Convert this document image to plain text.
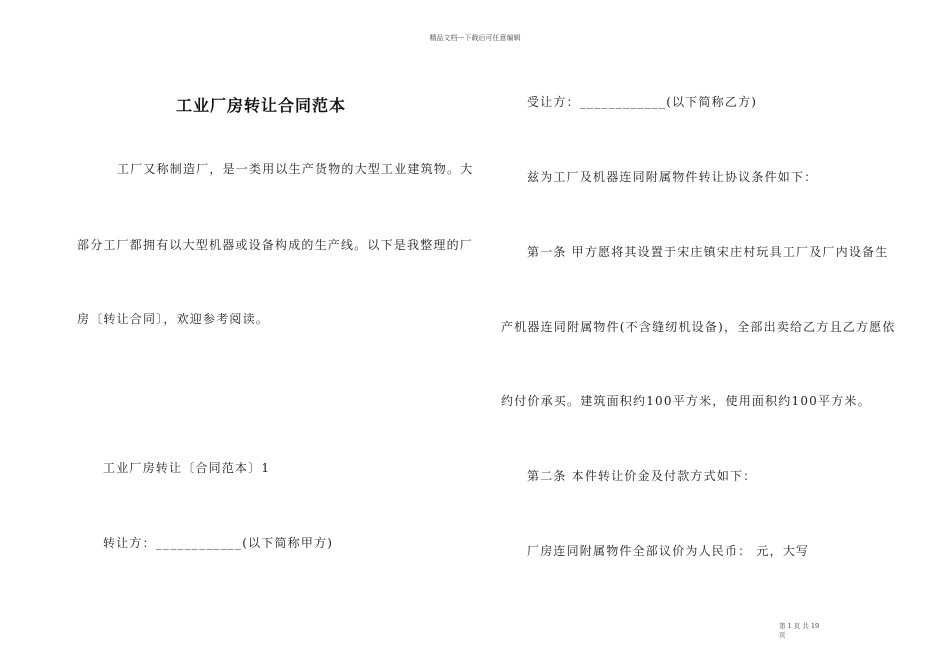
精品文档---下载后可任意编辑
工业厂房转让合同范本
工厂又称制造厂，是一类用以生产货物的大型工业建筑物。大
部分工厂都拥有以大型机器或设备构成的生产线。以下是我整理的厂
房〔转让合同〕，欢迎参考阅读。
工业厂房转让〔合同范本〕1
转让方：____________(以下简称甲方)
受让方：____________(以下简称乙方)
兹为工厂及机器连同附属物件转让协议条件如下：
第一条 甲方愿将其设置于宋庄镇宋庄村玩具工厂及厂内设备生
产机器连同附属物件(不含缝纫机设备)，全部出卖给乙方且乙方愿依
约付价承买。建筑面积约100平方米，使用面积约100平方米。
第二条 本件转让价金及付款方式如下：
厂房连同附属物件全部议价为人民币： 元，大写
第 1 页 共 19
页
